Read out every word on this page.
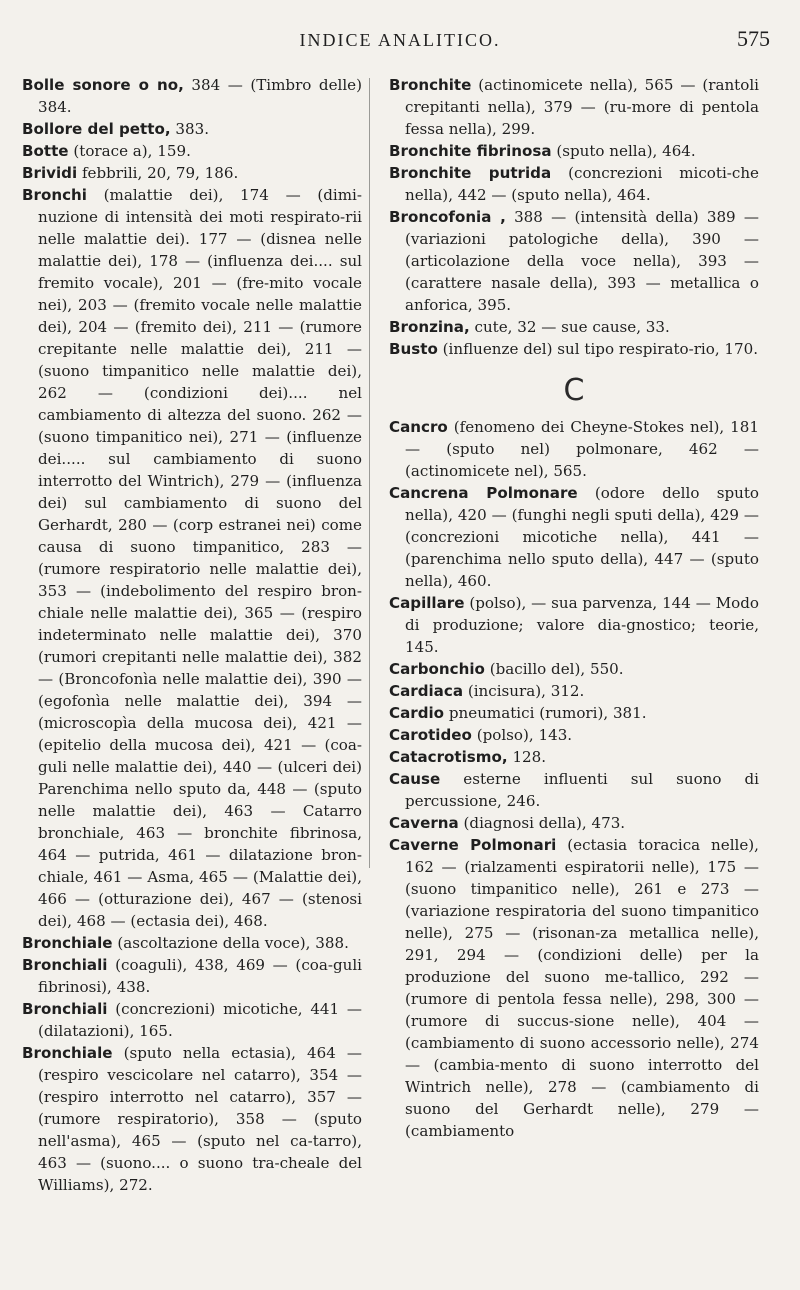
INDICE ANALITICO.	575

Bolle sonore o no, 384 — (Timbro delle) 384.

Bollore del petto, 383.

Botte (torace a), 159.

Brividi febbrili, 20, 79, 186.

Bronchi (malattie dei), 174 — (dimi-nuzione di intensità dei moti respirato-rii nelle malattie dei). 177 — (disnea nelle malattie dei), 178 — (influenza dei.... sul fremito vocale), 201 — (fre-mito vocale nei), 203 — (fremito vocale nelle malattie dei), 204 — (fremito dei), 211 — (rumore crepitante nelle malattie dei), 211 — (suono timpanitico nelle malattie dei), 262 — (condizioni dei).... nel cambiamento di altezza del suono. 262 — (suono timpanitico nei), 271 — (influenze dei..... sul cambiamento di suono interrotto del Wintrich), 279 — (influenza dei) sul cambiamento di suono del Gerhardt, 280 — (corp estranei nei) come causa di suono timpanitico, 283 — (rumore respiratorio nelle malattie dei), 353 — (indebolimento del respiro bron-chiale nelle malattie dei), 365 — (respiro indeterminato nelle malattie dei), 370 (rumori crepitanti nelle malattie dei), 382 — (Broncofonìa nelle malattie dei), 390 — (egofonìa nelle malattie dei), 394 — (microscopìa della mucosa dei), 421 — (epitelio della mucosa dei), 421 — (coa-guli nelle malattie dei), 440 — (ulceri dei) Parenchima nello sputo da, 448 — (sputo nelle malattie dei), 463 — Catarro bronchiale, 463 — bronchite fibrinosa, 464 — putrida, 461 — dilatazione bron-chiale, 461 — Asma, 465 — (Malattie dei), 466 — (otturazione dei), 467 — (stenosi dei), 468 — (ectasia dei), 468.

Bronchiale (ascoltazione della voce), 388.

Bronchiali (coaguli), 438, 469 — (coa-guli fibrinosi), 438.

Bronchiali (concrezioni) micotiche, 441 — (dilatazioni), 165.

Bronchiale (sputo nella ectasia), 464 — (respiro vescicolare nel catarro), 354 — (respiro interrotto nel catarro), 357 — (rumore respiratorio), 358 — (sputo nell'asma), 465 — (sputo nel ca-tarro), 463 — (suono.... o suono tra-cheale del Williams), 272.

Bronchite (actinomicete nella), 565 — (rantoli crepitanti nella), 379 — (ru-more di pentola fessa nella), 299.

Bronchite fibrinosa (sputo nella), 464.

Bronchite putrida (concrezioni micoti-che nella), 442 — (sputo nella), 464.

Broncofonia , 388 — (intensità della) 389 — (variazioni patologiche della), 390 — (articolazione della voce nella), 393 — (carattere nasale della), 393 — metallica o anforica, 395.

Bronzina, cute, 32 — sue cause, 33.

Busto (influenze del) sul tipo respirato-rio, 170.

C

Cancro (fenomeno dei Cheyne-Stokes nel), 181 — (sputo nel) polmonare, 462 — (actinomicete nel), 565.

Cancrena Polmonare (odore dello sputo nella), 420 — (funghi negli sputi della), 429 — (concrezioni micotiche nella), 441 — (parenchima nello sputo della), 447 — (sputo nella), 460.

Capillare (polso), — sua parvenza, 144 — Modo di produzione; valore dia-gnostico; teorie, 145.

Carbonchio (bacillo del), 550.

Cardiaca (incisura), 312.

Cardio pneumatici (rumori), 381.

Carotideo (polso), 143.

Catacrotismo, 128.

Cause esterne influenti sul suono di percussione, 246.

Caverna (diagnosi della), 473.

Caverne Polmonari (ectasia toracica nelle), 162 — (rialzamenti espiratorii nelle), 175 — (suono timpanitico nelle), 261 e 273 — (variazione respiratoria del suono timpanitico nelle), 275 — (risonan-za metallica nelle), 291, 294 — (condizioni delle) per la produzione del suono me-tallico, 292 — (rumore di pentola fessa nelle), 298, 300 — (rumore di succus-sione nelle), 404 — (cambiamento di suono accessorio nelle), 274 — (cambia-mento di suono interrotto del Wintrich nelle), 278 — (cambiamento di suono del Gerhardt nelle), 279 — (cambiamento
